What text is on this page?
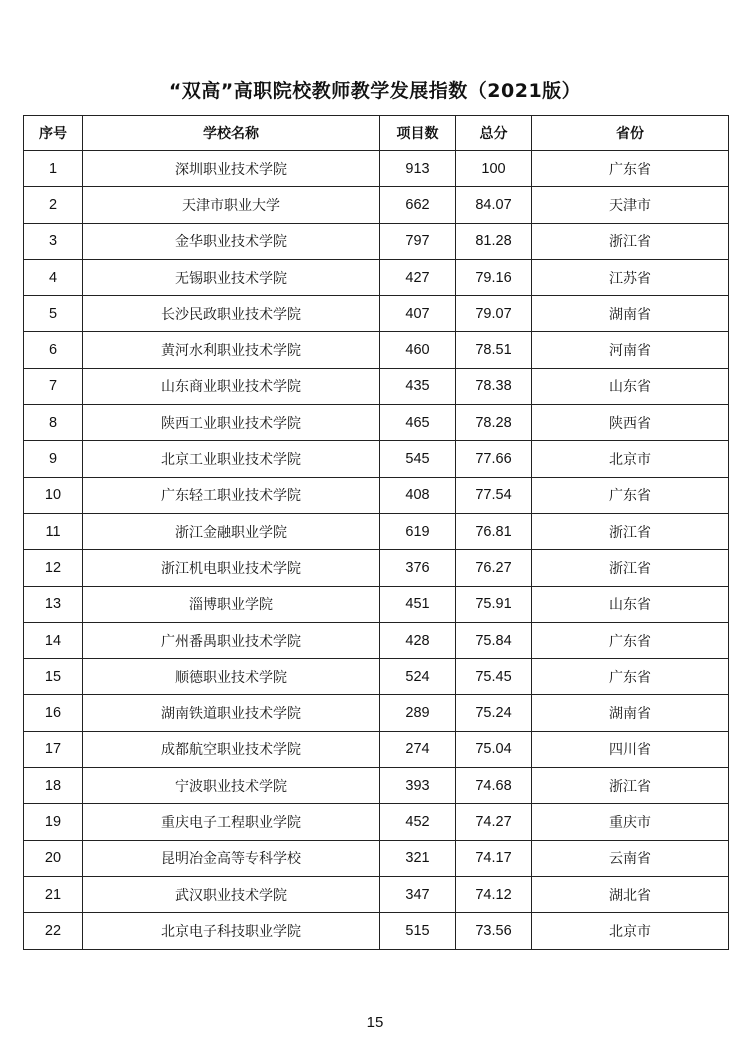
“双高”高职院校教师教学发展指数（2021版）
序号	学校名称	项目数	总分	省份
1	深圳职业技术学院	913	100	广东省
2	天津市职业大学	662	84.07	天津市
3	金华职业技术学院	797	81.28	浙江省
4	无锡职业技术学院	427	79.16	江苏省
5	长沙民政职业技术学院	407	79.07	湖南省
6	黄河水利职业技术学院	460	78.51	河南省
7	山东商业职业技术学院	435	78.38	山东省
8	陕西工业职业技术学院	465	78.28	陕西省
9	北京工业职业技术学院	545	77.66	北京市
10	广东轻工职业技术学院	408	77.54	广东省
11	浙江金融职业学院	619	76.81	浙江省
12	浙江机电职业技术学院	376	76.27	浙江省
13	淄博职业学院	451	75.91	山东省
14	广州番禺职业技术学院	428	75.84	广东省
15	顺德职业技术学院	524	75.45	广东省
16	湖南铁道职业技术学院	289	75.24	湖南省
17	成都航空职业技术学院	274	75.04	四川省
18	宁波职业技术学院	393	74.68	浙江省
19	重庆电子工程职业学院	452	74.27	重庆市
20	昆明冶金高等专科学校	321	74.17	云南省
21	武汉职业技术学院	347	74.12	湖北省
22	北京电子科技职业学院	515	73.56	北京市
15
